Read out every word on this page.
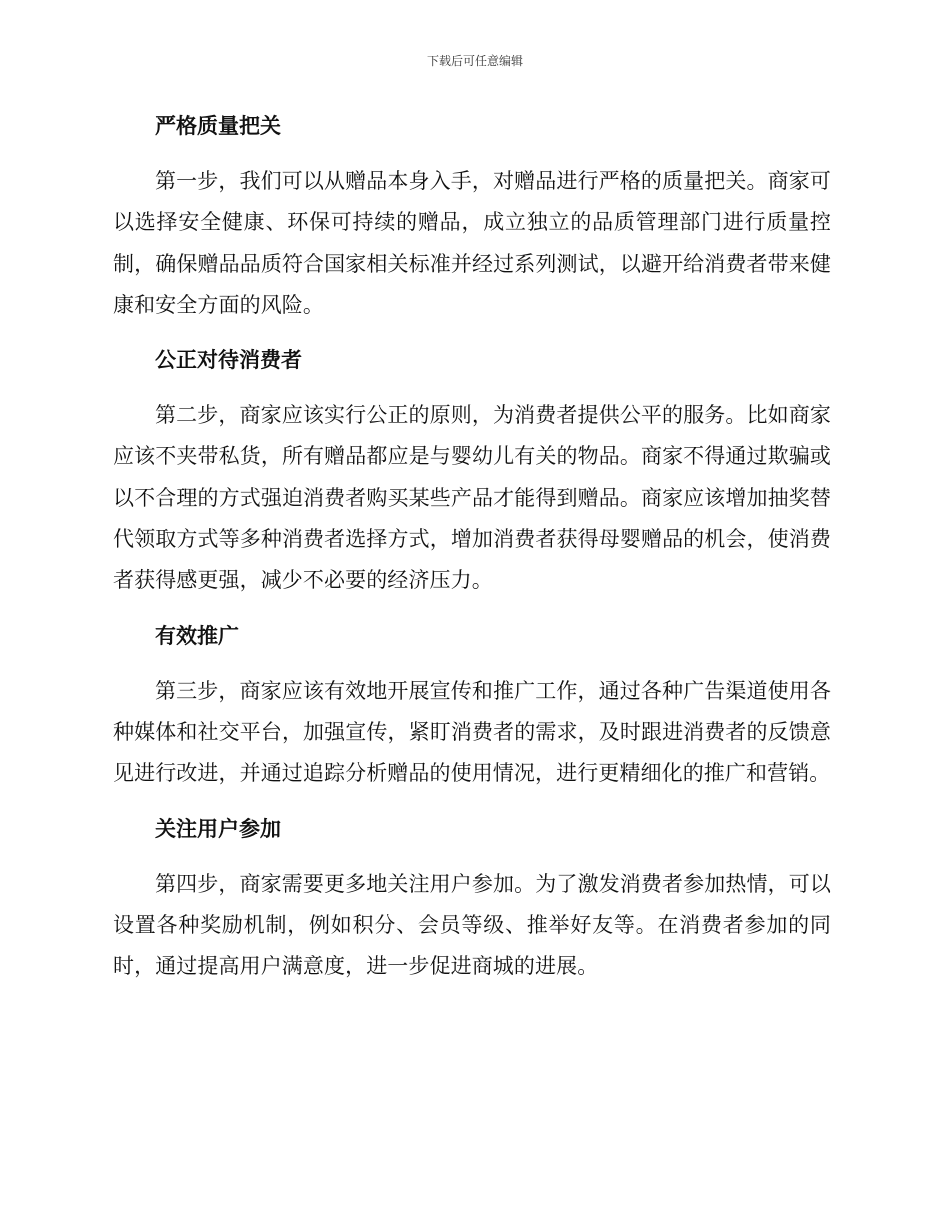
下载后可任意编辑
严格质量把关

第一步，我们可以从赠品本身入手，对赠品进行严格的质量把关。商家可以选择安全健康、环保可持续的赠品，成立独立的品质管理部门进行质量控制，确保赠品品质符合国家相关标准并经过系列测试，以避开给消费者带来健康和安全方面的风险。

公正对待消费者

第二步，商家应该实行公正的原则，为消费者提供公平的服务。比如商家应该不夹带私货，所有赠品都应是与婴幼儿有关的物品。商家不得通过欺骗或以不合理的方式强迫消费者购买某些产品才能得到赠品。商家应该增加抽奖替代领取方式等多种消费者选择方式，增加消费者获得母婴赠品的机会，使消费者获得感更强，减少不必要的经济压力。

有效推广

第三步，商家应该有效地开展宣传和推广工作，通过各种广告渠道使用各种媒体和社交平台，加强宣传，紧盯消费者的需求，及时跟进消费者的反馈意见进行改进，并通过追踪分析赠品的使用情况，进行更精细化的推广和营销。

关注用户参加

第四步，商家需要更多地关注用户参加。为了激发消费者参加热情，可以设置各种奖励机制，例如积分、会员等级、推举好友等。在消费者参加的同时，通过提高用户满意度，进一步促进商城的进展。
